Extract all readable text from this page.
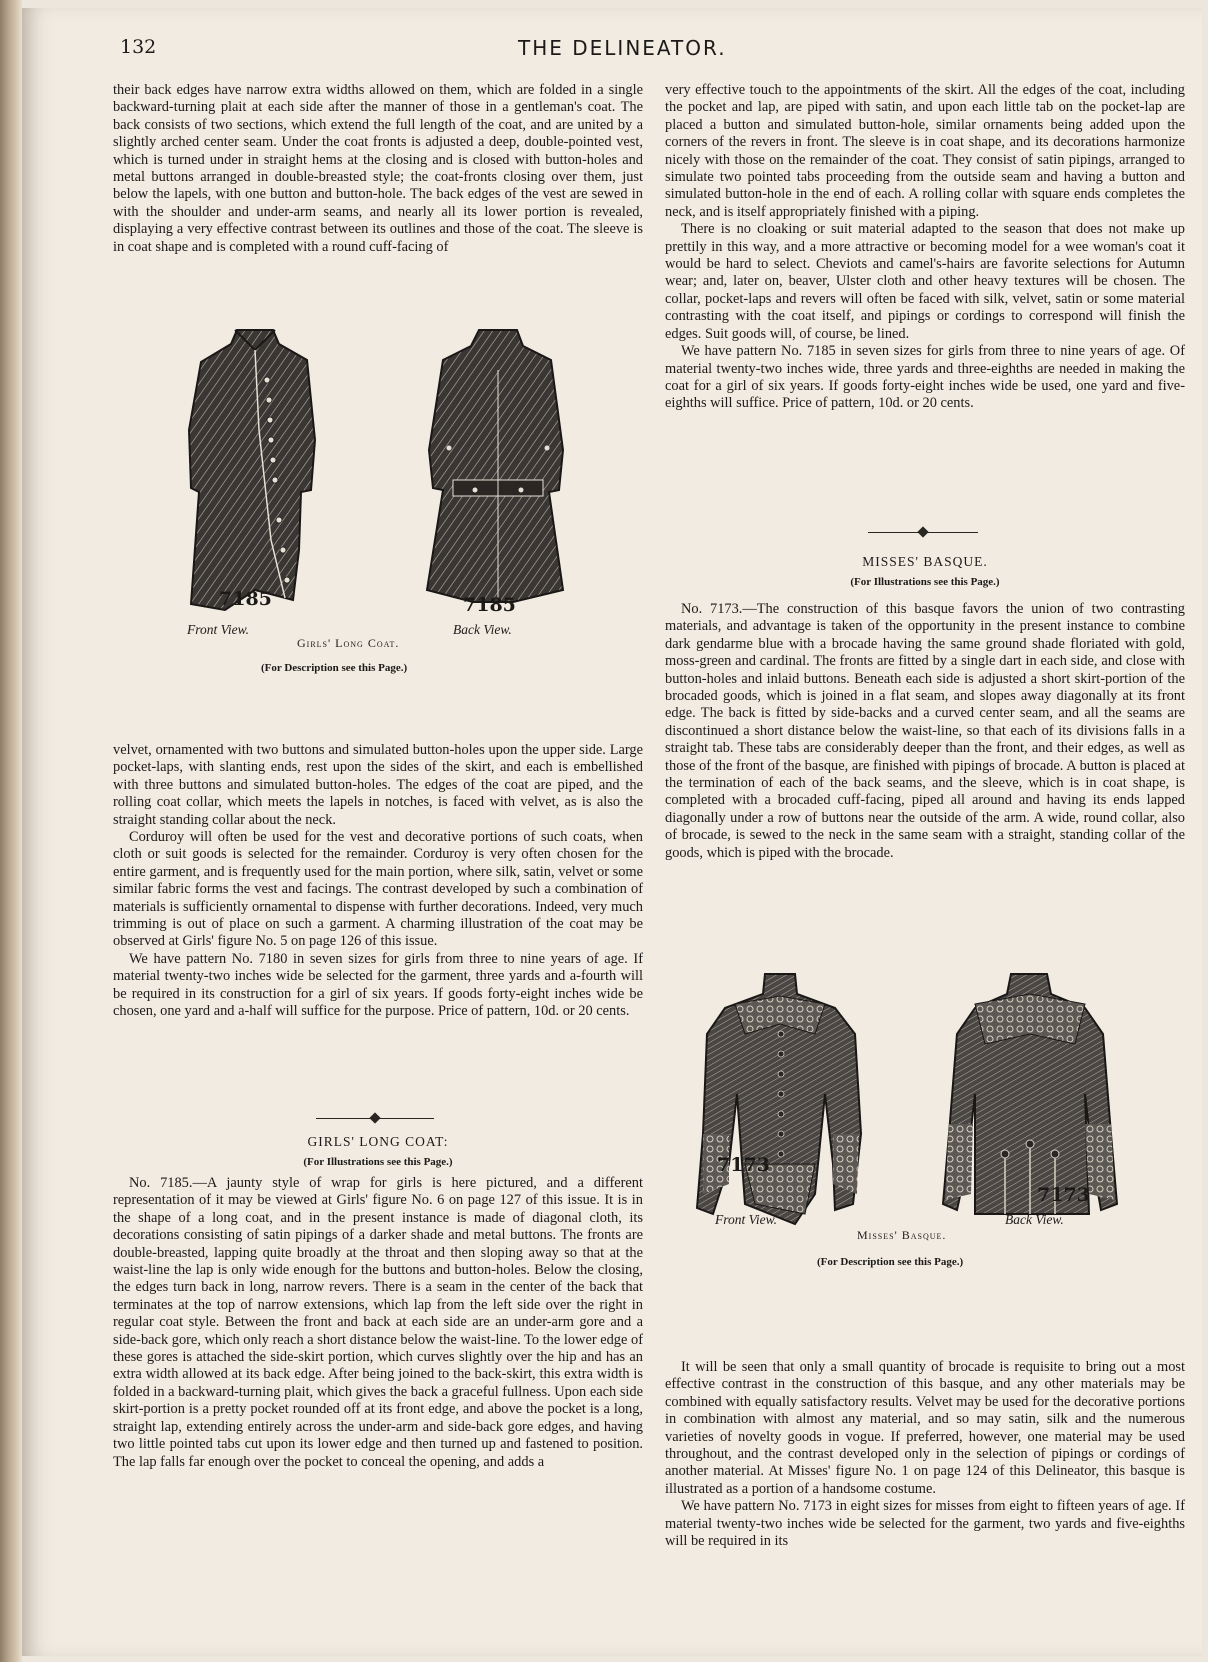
132	THE DELINEATOR.

their back edges have narrow extra widths allowed on them, which are folded in a single backward-turning plait at each side after the manner of those in a gentleman's coat. The back consists of two sections, which extend the full length of the coat, and are united by a slightly arched center seam. Under the coat fronts is adjusted a deep, double-pointed vest, which is turned under in straight hems at the closing and is closed with button-holes and metal buttons arranged in double-breasted style; the coat-fronts closing over them, just below the lapels, with one button and button-hole. The back edges of the vest are sewed in with the shoulder and under-arm seams, and nearly all its lower portion is revealed, displaying a very effective contrast between its outlines and those of the coat. The sleeve is in coat shape and is completed with a round cuff-facing of

7185	7185
Front View.	Back View.
Girls' Long Coat.
(For Description see this Page.)

velvet, ornamented with two buttons and simulated button-holes upon the upper side. Large pocket-laps, with slanting ends, rest upon the sides of the skirt, and each is embellished with three buttons and simulated button-holes. The edges of the coat are piped, and the rolling coat collar, which meets the lapels in notches, is faced with velvet, as is also the straight standing collar about the neck.

Corduroy will often be used for the vest and decorative portions of such coats, when cloth or suit goods is selected for the remainder. Corduroy is very often chosen for the entire garment, and is frequently used for the main portion, where silk, satin, velvet or some similar fabric forms the vest and facings. The contrast developed by such a combination of materials is sufficiently ornamental to dispense with further decorations. Indeed, very much trimming is out of place on such a garment. A charming illustration of the coat may be observed at Girls' figure No. 5 on page 126 of this issue.

We have pattern No. 7180 in seven sizes for girls from three to nine years of age. If material twenty-two inches wide be selected for the garment, three yards and a-fourth will be required in its construction for a girl of six years. If goods forty-eight inches wide be chosen, one yard and a-half will suffice for the purpose. Price of pattern, 10d. or 20 cents.

GIRLS' LONG COAT:
(For Illustrations see this Page.)

No. 7185.—A jaunty style of wrap for girls is here pictured, and a different representation of it may be viewed at Girls' figure No. 6 on page 127 of this issue. It is in the shape of a long coat, and in the present instance is made of diagonal cloth, its decorations consisting of satin pipings of a darker shade and metal buttons. The fronts are double-breasted, lapping quite broadly at the throat and then sloping away so that at the waist-line the lap is only wide enough for the buttons and button-holes. Below the closing, the edges turn back in long, narrow revers. There is a seam in the center of the back that terminates at the top of narrow extensions, which lap from the left side over the right in regular coat style. Between the front and back at each side are an under-arm gore and a side-back gore, which only reach a short distance below the waist-line. To the lower edge of these gores is attached the side-skirt portion, which curves slightly over the hip and has an extra width allowed at its back edge. After being joined to the back-skirt, this extra width is folded in a backward-turning plait, which gives the back a graceful fullness. Upon each side skirt-portion is a pretty pocket rounded off at its front edge, and above the pocket is a long, straight lap, extending entirely across the under-arm and side-back gore edges, and having two little pointed tabs cut upon its lower edge and then turned up and fastened to position. The lap falls far enough over the pocket to conceal the opening, and adds a

very effective touch to the appointments of the skirt. All the edges of the coat, including the pocket and lap, are piped with satin, and upon each little tab on the pocket-lap are placed a button and simulated button-hole, similar ornaments being added upon the corners of the revers in front. The sleeve is in coat shape, and its decorations harmonize nicely with those on the remainder of the coat. They consist of satin pipings, arranged to simulate two pointed tabs proceeding from the outside seam and having a button and simulated button-hole in the end of each. A rolling collar with square ends completes the neck, and is itself appropriately finished with a piping.

There is no cloaking or suit material adapted to the season that does not make up prettily in this way, and a more attractive or becoming model for a wee woman's coat it would be hard to select. Cheviots and camel's-hairs are favorite selections for Autumn wear; and, later on, beaver, Ulster cloth and other heavy textures will be chosen. The collar, pocket-laps and revers will often be faced with silk, velvet, satin or some material contrasting with the coat itself, and pipings or cordings to correspond will finish the edges. Suit goods will, of course, be lined.

We have pattern No. 7185 in seven sizes for girls from three to nine years of age. Of material twenty-two inches wide, three yards and three-eighths are needed in making the coat for a girl of six years. If goods forty-eight inches wide be used, one yard and five-eighths will suffice. Price of pattern, 10d. or 20 cents.

MISSES' BASQUE.
(For Illustrations see this Page.)

No. 7173.—The construction of this basque favors the union of two contrasting materials, and advantage is taken of the opportunity in the present instance to combine dark gendarme blue with a brocade having the same ground shade floriated with gold, moss-green and cardinal. The fronts are fitted by a single dart in each side, and close with button-holes and inlaid buttons. Beneath each side is adjusted a short skirt-portion of the brocaded goods, which is joined in a flat seam, and slopes away diagonally at its front edge. The back is fitted by side-backs and a curved center seam, and all the seams are discontinued a short distance below the waist-line, so that each of its divisions falls in a straight tab. These tabs are considerably deeper than the front, and their edges, as well as those of the front of the basque, are finished with pipings of brocade. A button is placed at the termination of each of the back seams, and the sleeve, which is in coat shape, is completed with a brocaded cuff-facing, piped all around and having its ends lapped diagonally under a row of buttons near the outside of the arm. A wide, round collar, also of brocade, is sewed to the neck in the same seam with a straight, standing collar of the goods, which is piped with the brocade.

7173
7173
Front View.	Back View.
Misses' Basque.
(For Description see this Page.)

It will be seen that only a small quantity of brocade is requisite to bring out a most effective contrast in the construction of this basque, and any other materials may be combined with equally satisfactory results. Velvet may be used for the decorative portions in combination with almost any material, and so may satin, silk and the numerous varieties of novelty goods in vogue. If preferred, however, one material may be used throughout, and the contrast developed only in the selection of pipings or cordings of another material. At Misses' figure No. 1 on page 124 of this Delineator, this basque is illustrated as a portion of a handsome costume.

We have pattern No. 7173 in eight sizes for misses from eight to fifteen years of age. If material twenty-two inches wide be selected for the garment, two yards and five-eighths will be required in its
